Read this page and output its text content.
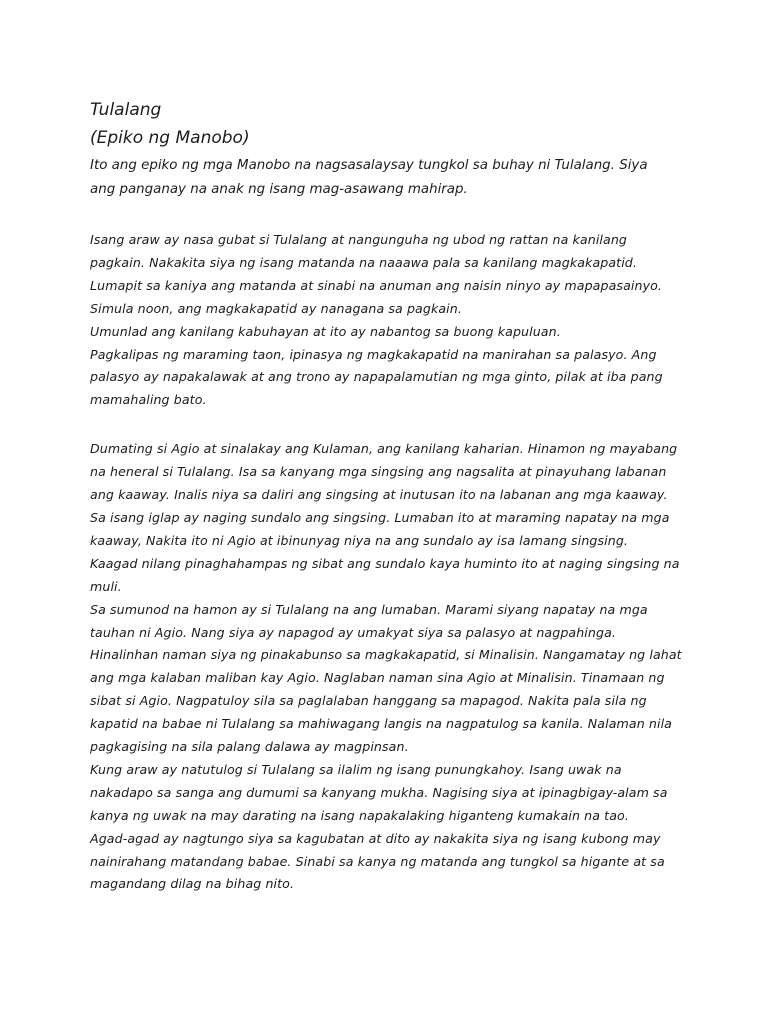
Tulalang
(Epiko ng Manobo)
Ito ang epiko ng mga Manobo na nagsasalaysay tungkol sa buhay ni Tulalang. Siya
ang panganay na anak ng isang mag-asawang mahirap.
Isang araw ay nasa gubat si Tulalang at nangunguha ng ubod ng rattan na kanilang
pagkain. Nakakita siya ng isang matanda na naaawa pala sa kanilang magkakapatid.
Lumapit sa kaniya ang matanda at sinabi na anuman ang naisin ninyo ay mapapasainyo.
Simula noon, ang magkakapatid ay nanagana sa pagkain.
Umunlad ang kanilang kabuhayan at ito ay nabantog sa buong kapuluan.
Pagkalipas ng maraming taon, ipinasya ng magkakapatid na manirahan sa palasyo. Ang
palasyo ay napakalawak at ang trono ay napapalamutian ng mga ginto, pilak at iba pang
mamahaling bato.
Dumating si Agio at sinalakay ang Kulaman, ang kanilang kaharian. Hinamon ng mayabang
na heneral si Tulalang. Isa sa kanyang mga singsing ang nagsalita at pinayuhang labanan
ang kaaway. Inalis niya sa daliri ang singsing at inutusan ito na labanan ang mga kaaway.
Sa isang iglap ay naging sundalo ang singsing. Lumaban ito at maraming napatay na mga
kaaway, Nakita ito ni Agio at ibinunyag niya na ang sundalo ay isa lamang singsing.
Kaagad nilang pinaghahampas ng sibat ang sundalo kaya huminto ito at naging singsing na
muli.
Sa sumunod na hamon ay si Tulalang na ang lumaban. Marami siyang napatay na mga
tauhan ni Agio. Nang siya ay napagod ay umakyat siya sa palasyo at nagpahinga.
Hinalinhan naman siya ng pinakabunso sa magkakapatid, si Minalisin. Nangamatay ng lahat
ang mga kalaban maliban kay Agio. Naglaban naman sina Agio at Minalisin. Tinamaan ng
sibat si Agio. Nagpatuloy sila sa paglalaban hanggang sa mapagod. Nakita pala sila ng
kapatid na babae ni Tulalang sa mahiwagang langis na nagpatulog sa kanila. Nalaman nila
pagkagising na sila palang dalawa ay magpinsan.
Kung araw ay natutulog si Tulalang sa ilalim ng isang punungkahoy. Isang uwak na
nakadapo sa sanga ang dumumi sa kanyang mukha. Nagising siya at ipinagbigay-alam sa
kanya ng uwak na may darating na isang napakalaking higanteng kumakain na tao.
Agad-agad ay nagtungo siya sa kagubatan at dito ay nakakita siya ng isang kubong may
nainirahang matandang babae. Sinabi sa kanya ng matanda ang tungkol sa higante at sa
magandang dilag na bihag nito.
